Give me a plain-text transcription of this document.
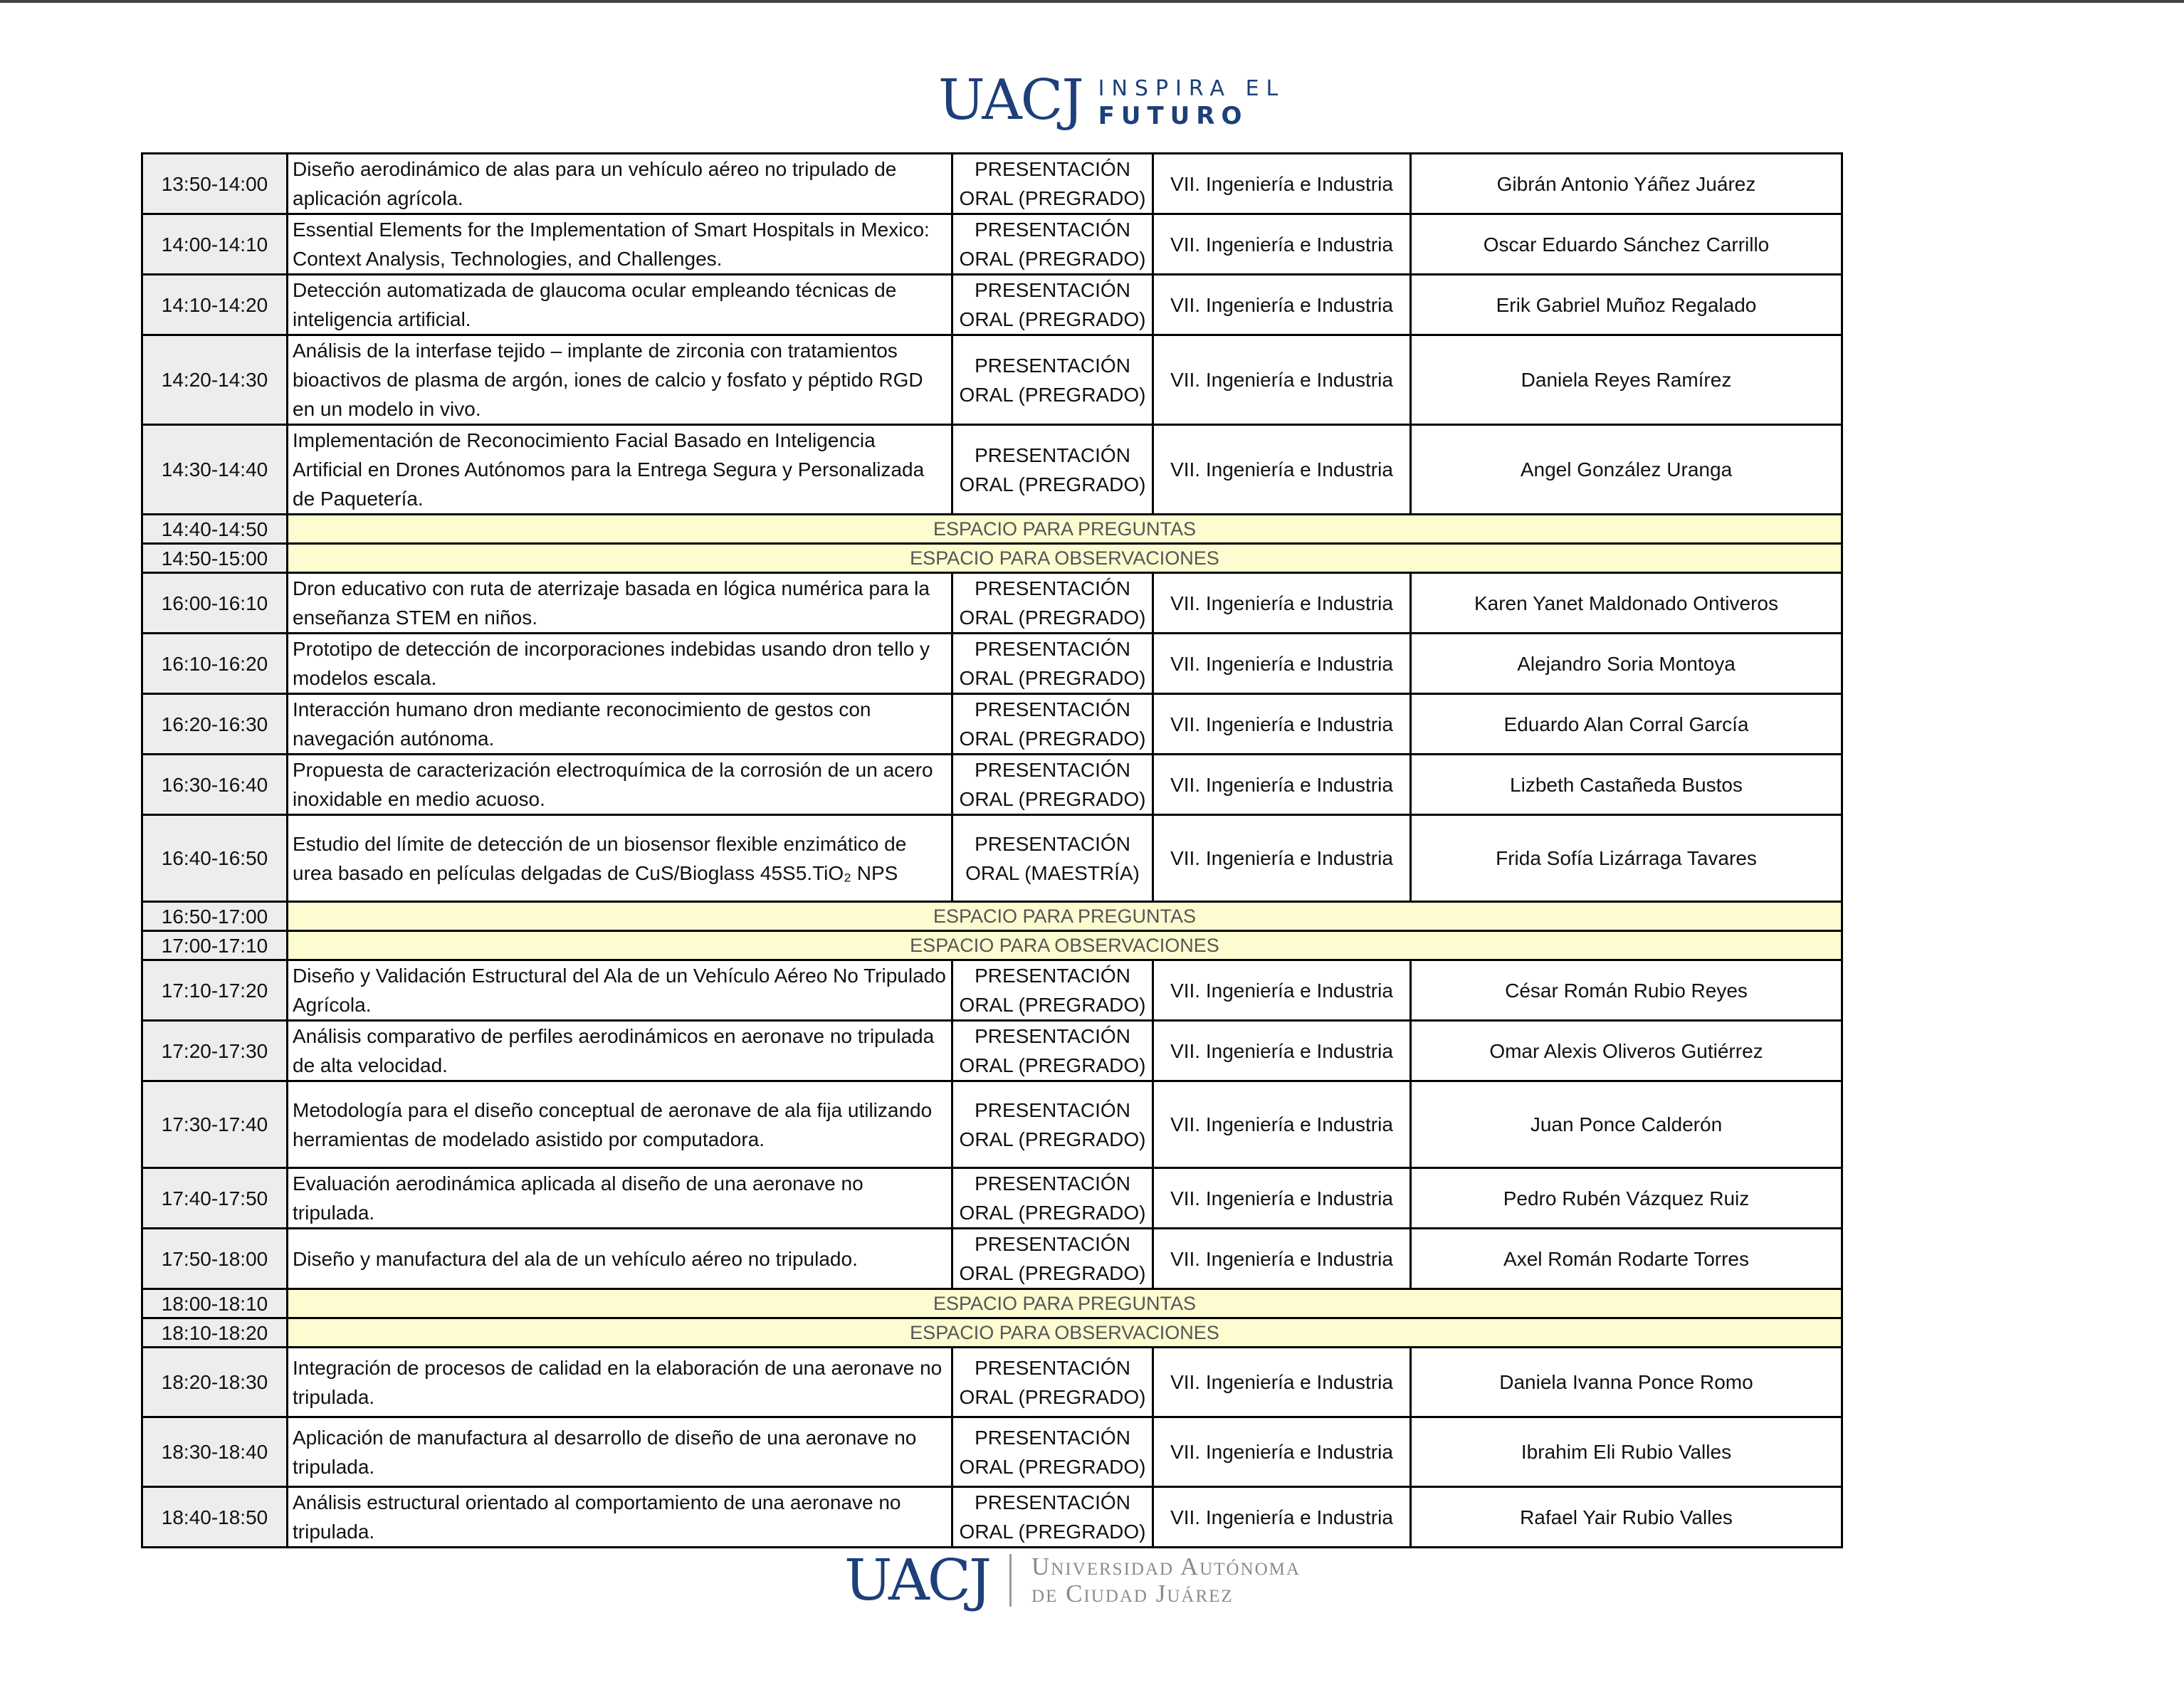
UACJ INSPIRA EL
FUTURO
13:50-14:00	Diseño aerodinámico de alas para un vehículo aéreo no tripulado de aplicación agrícola.	PRESENTACIÓN ORAL (PREGRADO)	VII. Ingeniería e Industria	Gibrán Antonio Yáñez Juárez
14:00-14:10	Essential Elements for the Implementation of Smart Hospitals in Mexico: Context Analysis, Technologies, and Challenges.	PRESENTACIÓN ORAL (PREGRADO)	VII. Ingeniería e Industria	Oscar Eduardo Sánchez Carrillo
14:10-14:20	Detección automatizada de glaucoma ocular empleando técnicas de inteligencia artificial.	PRESENTACIÓN ORAL (PREGRADO)	VII. Ingeniería e Industria	Erik Gabriel Muñoz Regalado
14:20-14:30	Análisis de la interfase tejido – implante de zirconia con tratamientos bioactivos de plasma de argón, iones de calcio y fosfato y péptido RGD en un modelo in vivo.	PRESENTACIÓN ORAL (PREGRADO)	VII. Ingeniería e Industria	Daniela Reyes Ramírez
14:30-14:40	Implementación de Reconocimiento Facial Basado en Inteligencia Artificial en Drones Autónomos para la Entrega Segura y Personalizada de Paquetería.	PRESENTACIÓN ORAL (PREGRADO)	VII. Ingeniería e Industria	Angel González Uranga
14:40-14:50	ESPACIO PARA PREGUNTAS			
14:50-15:00	ESPACIO PARA OBSERVACIONES			
16:00-16:10	Dron educativo con ruta de aterrizaje basada en lógica numérica para la enseñanza STEM en niños.	PRESENTACIÓN ORAL (PREGRADO)	VII. Ingeniería e Industria	Karen Yanet Maldonado Ontiveros
16:10-16:20	Prototipo de detección de incorporaciones indebidas usando dron tello y modelos escala.	PRESENTACIÓN ORAL (PREGRADO)	VII. Ingeniería e Industria	Alejandro Soria Montoya
16:20-16:30	Interacción humano dron mediante reconocimiento de gestos con navegación autónoma.	PRESENTACIÓN ORAL (PREGRADO)	VII. Ingeniería e Industria	Eduardo Alan Corral García
16:30-16:40	Propuesta de caracterización electroquímica de la corrosión de un acero inoxidable en medio acuoso.	PRESENTACIÓN ORAL (PREGRADO)	VII. Ingeniería e Industria	Lizbeth Castañeda Bustos
16:40-16:50	Estudio del límite de detección de un biosensor flexible enzimático de urea basado en películas delgadas de CuS/Bioglass 45S5.TiO₂ NPS	PRESENTACIÓN ORAL (MAESTRÍA)	VII. Ingeniería e Industria	Frida Sofía Lizárraga Tavares
16:50-17:00	ESPACIO PARA PREGUNTAS			
17:00-17:10	ESPACIO PARA OBSERVACIONES			
17:10-17:20	Diseño y Validación Estructural del Ala de un Vehículo Aéreo No Tripulado Agrícola.	PRESENTACIÓN ORAL (PREGRADO)	VII. Ingeniería e Industria	César Román Rubio Reyes
17:20-17:30	Análisis comparativo de perfiles aerodinámicos en aeronave no tripulada de alta velocidad.	PRESENTACIÓN ORAL (PREGRADO)	VII. Ingeniería e Industria	Omar Alexis Oliveros Gutiérrez
17:30-17:40	Metodología para el diseño conceptual de aeronave de ala fija utilizando herramientas de modelado asistido por computadora.	PRESENTACIÓN ORAL (PREGRADO)	VII. Ingeniería e Industria	Juan Ponce Calderón
17:40-17:50	Evaluación aerodinámica aplicada al diseño de una aeronave no tripulada.	PRESENTACIÓN ORAL (PREGRADO)	VII. Ingeniería e Industria	Pedro Rubén Vázquez Ruiz
17:50-18:00	Diseño y manufactura del ala de un vehículo aéreo no tripulado.	PRESENTACIÓN ORAL (PREGRADO)	VII. Ingeniería e Industria	Axel Román Rodarte Torres
18:00-18:10	ESPACIO PARA PREGUNTAS			
18:10-18:20	ESPACIO PARA OBSERVACIONES			
18:20-18:30	Integración de procesos de calidad en la elaboración de una aeronave no tripulada.	PRESENTACIÓN ORAL (PREGRADO)	VII. Ingeniería e Industria	Daniela Ivanna Ponce Romo
18:30-18:40	Aplicación de manufactura al desarrollo de diseño de una aeronave no tripulada.	PRESENTACIÓN ORAL (PREGRADO)	VII. Ingeniería e Industria	Ibrahim Eli Rubio Valles
18:40-18:50	Análisis estructural orientado al comportamiento de una aeronave no tripulada.	PRESENTACIÓN ORAL (PREGRADO)	VII. Ingeniería e Industria	Rafael Yair Rubio Valles
UACJ Universidad Autónoma
de Ciudad Juárez
